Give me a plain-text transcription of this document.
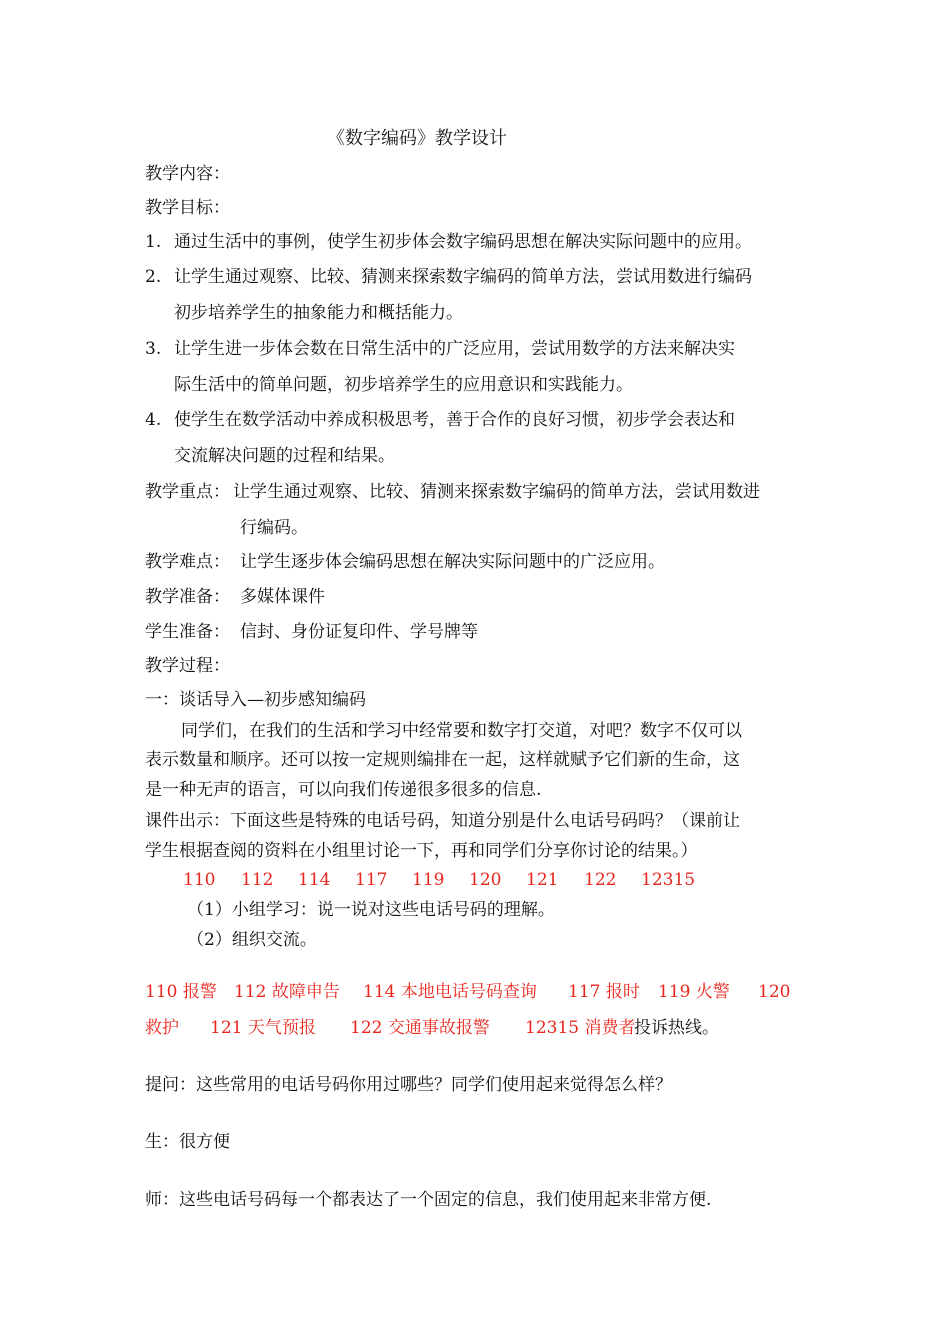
《数字编码》教学设计
教学内容：
教学目标：
1. 通过生活中的事例，使学生初步体会数字编码思想在解决实际问题中的应用。
2. 让学生通过观察、比较、猜测来探索数字编码的简单方法，尝试用数进行编码
初步培养学生的抽象能力和概括能力。
3. 让学生进一步体会数在日常生活中的广泛应用，尝试用数学的方法来解决实
际生活中的简单问题，初步培养学生的应用意识和实践能力。
4. 使学生在数学活动中养成积极思考，善于合作的良好习惯，初步学会表达和
交流解决问题的过程和结果。
教学重点： 让学生通过观察、比较、猜测来探索数字编码的简单方法，尝试用数进
行编码。
教学难点： 让学生逐步体会编码思想在解决实际问题中的广泛应用。
教学准备： 多媒体课件
学生准备： 信封、身份证复印件、学号牌等
教学过程：
一：谈话导入—初步感知编码
同学们，在我们的生活和学习中经常要和数字打交道，对吧？数字不仅可以
表示数量和顺序。还可以按一定规则编排在一起，这样就赋予它们新的生命，这
是一种无声的语言，可以向我们传递很多很多的信息.
课件出示：下面这些是特殊的电话号码，知道分别是什么电话号码吗？（课前让
学生根据查阅的资料在小组里讨论一下，再和同学们分享你讨论的结果。）
110 112 114 117 119 120 121 122 12315
（1）小组学习：说一说对这些电话号码的理解。
（2）组织交流。
110 报警 112 故障申告 114 本地电话号码查询 117 报时 119 火警 120
救护 121 天气预报 122 交通事故报警 12315 消费者
投诉热线。
提问：这些常用的电话号码你用过哪些？同学们使用起来觉得怎么样？
生：很方便
师：这些电话号码每一个都表达了一个固定的信息，我们使用起来非常方便.
